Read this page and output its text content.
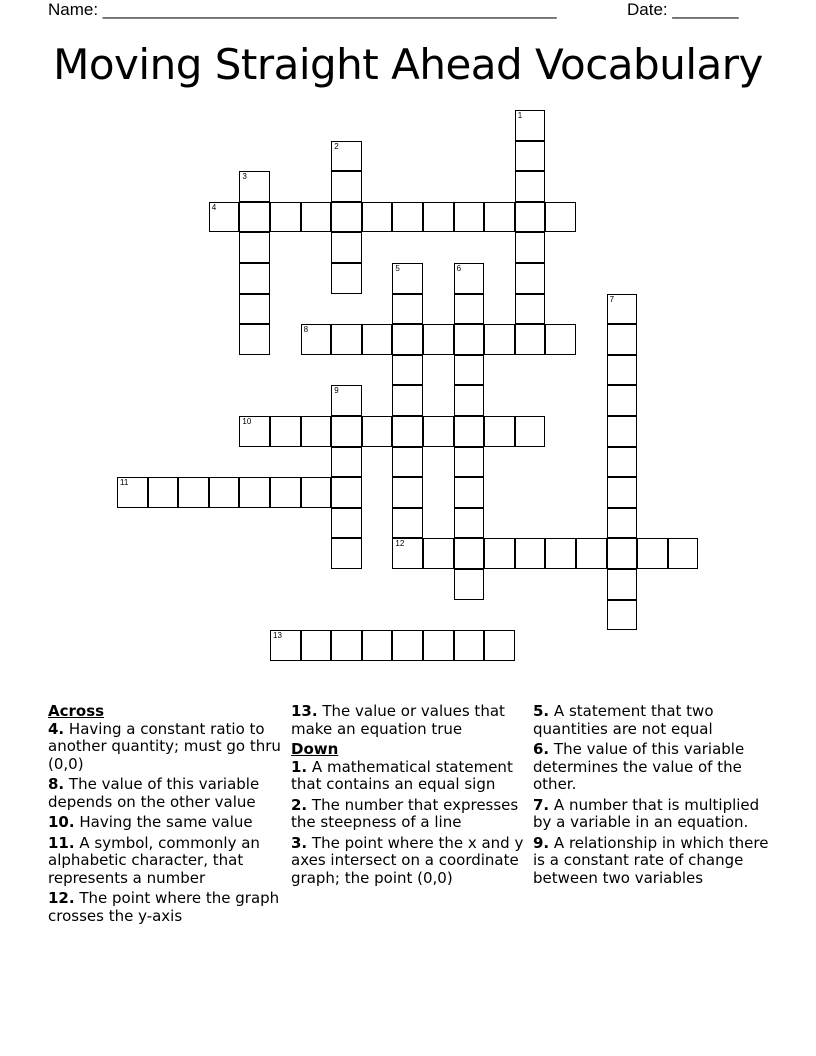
Name: ________________________________________________	Date: _______
Moving Straight Ahead Vocabulary
1
2
3
4
5
12
6
7
8
9
10
11
13
Across
4. Having a constant ratio to another quantity; must go thru (0,0)
8. The value of this variable depends on the other value
10. Having the same value
11. A symbol, commonly an alphabetic character, that represents a number
12. The point where the graph crosses the y-axis
13. The value or values that make an equation true
Down
1. A mathematical statement that contains an equal sign
2. The number that expresses the steepness of a line
3. The point where the x and y axes intersect on a coordinate graph; the point (0,0)
5. A statement that two quantities are not equal
6. The value of this variable determines the value of the other.
7. A number that is multiplied by a variable in an equation.
9. A relationship in which there is a constant rate of change between two variables
